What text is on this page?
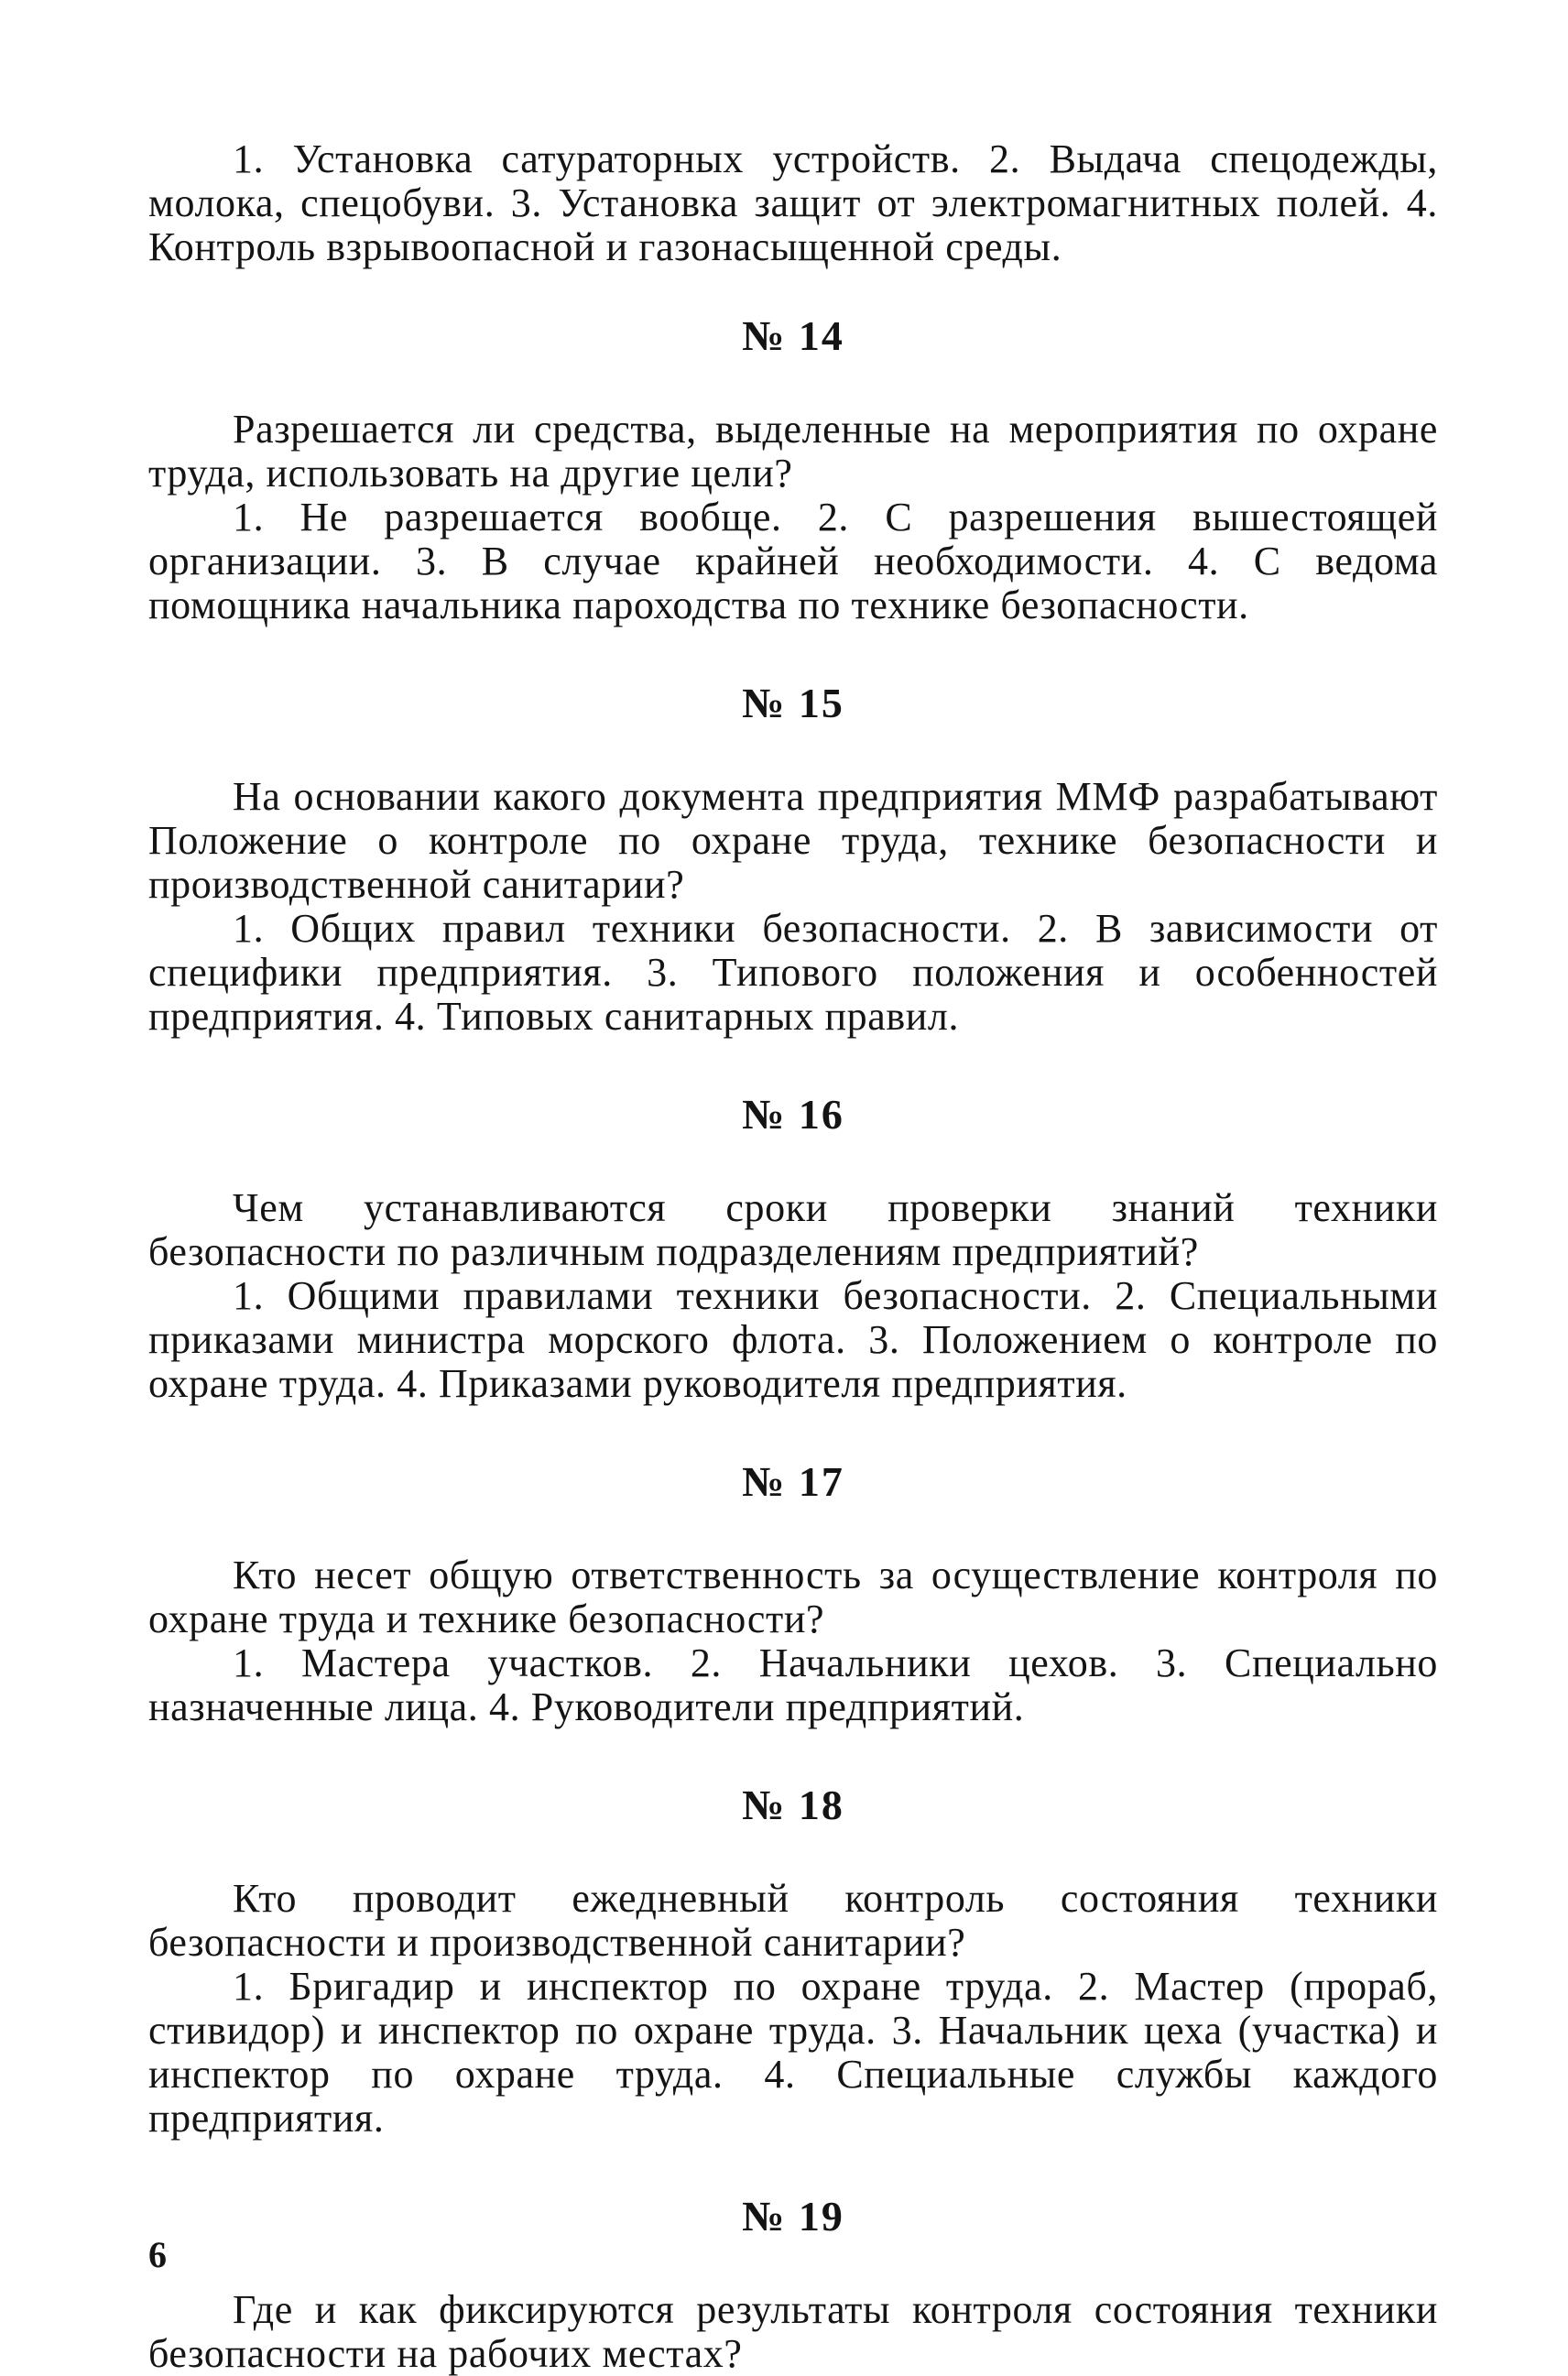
1. Установка сатураторных устройств. 2. Выдача спецодежды, молока, спецобуви. 3. Установка защит от электромагнитных полей. 4. Контроль взрывоопасной и газонасыщенной среды.

№ 14

Разрешается ли средства, выделенные на мероприятия по охране труда, использовать на другие цели?

1. Не разрешается вообще. 2. С разрешения вышестоящей организации. 3. В случае крайней необходимости. 4. С ведома помощника начальника пароходства по технике безопасности.

№ 15

На основании какого документа предприятия ММФ разрабатывают Положение о контроле по охране труда, технике безопасности и производственной санитарии?

1. Общих правил техники безопасности. 2. В зависимости от специфики предприятия. 3. Типового положения и особенностей предприятия. 4. Типовых санитарных правил.

№ 16

Чем устанавливаются сроки проверки знаний техники безопасности по различным подразделениям предприятий?

1. Общими правилами техники безопасности. 2. Специальными приказами министра морского флота. 3. Положением о контроле по охране труда. 4. Приказами руководителя предприятия.

№ 17

Кто несет общую ответственность за осуществление контроля по охране труда и технике безопасности?

1. Мастера участков. 2. Начальники цехов. 3. Специально назначенные лица. 4. Руководители предприятий.

№ 18

Кто проводит ежедневный контроль состояния техники безопасности и производственной санитарии?

1. Бригадир и инспектор по охране труда. 2. Мастер (прораб, стивидор) и инспектор по охране труда. 3. Начальник цеха (участка) и инспектор по охране труда. 4. Специальные службы каждого предприятия.

№ 19

Где и как фиксируются результаты контроля состояния техники безопасности на рабочих местах?

6
